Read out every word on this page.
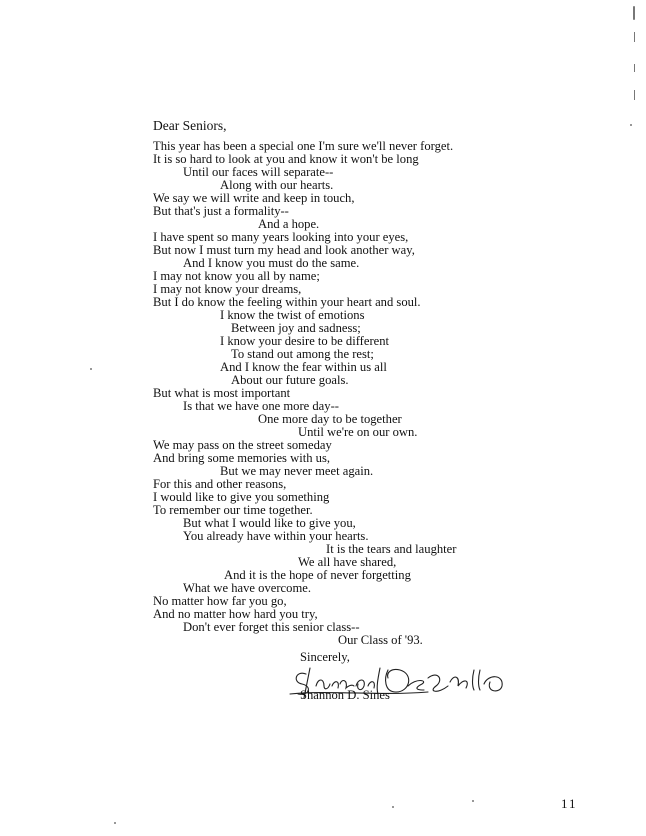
Dear Seniors,
This year has been a special one I'm sure we'll never forget.
It is so hard to look at you and know it won't be long
Until our faces will separate--
Along with our hearts.
We say we will write and keep in touch,
But that's just a formality--
And a hope.
I have spent so many years looking into your eyes,
But now I must turn my head and look another way,
And I know you must do the same.
I may not know you all by name;
I may not know your dreams,
But I do know the feeling within your heart and soul.
I know the twist of emotions
Between joy and sadness;
I know your desire to be different
To stand out among the rest;
And I know the fear within us all
About our future goals.
But what is most important
Is that we have one more day--
One more day to be together
Until we're on our own.
We may pass on the street someday
And bring some memories with us,
But we may never meet again.
For this and other reasons,
I would like to give you something
To remember our time together.
But what I would like to give you,
You already have within your hearts.
It is the tears and laughter
We all have shared,
And it is the hope of never forgetting
What we have overcome.
No matter how far you go,
And no matter how hard you try,
Don't ever forget this senior class--
Our Class of '93.
Sincerely,
Shannon D. Sines
11
